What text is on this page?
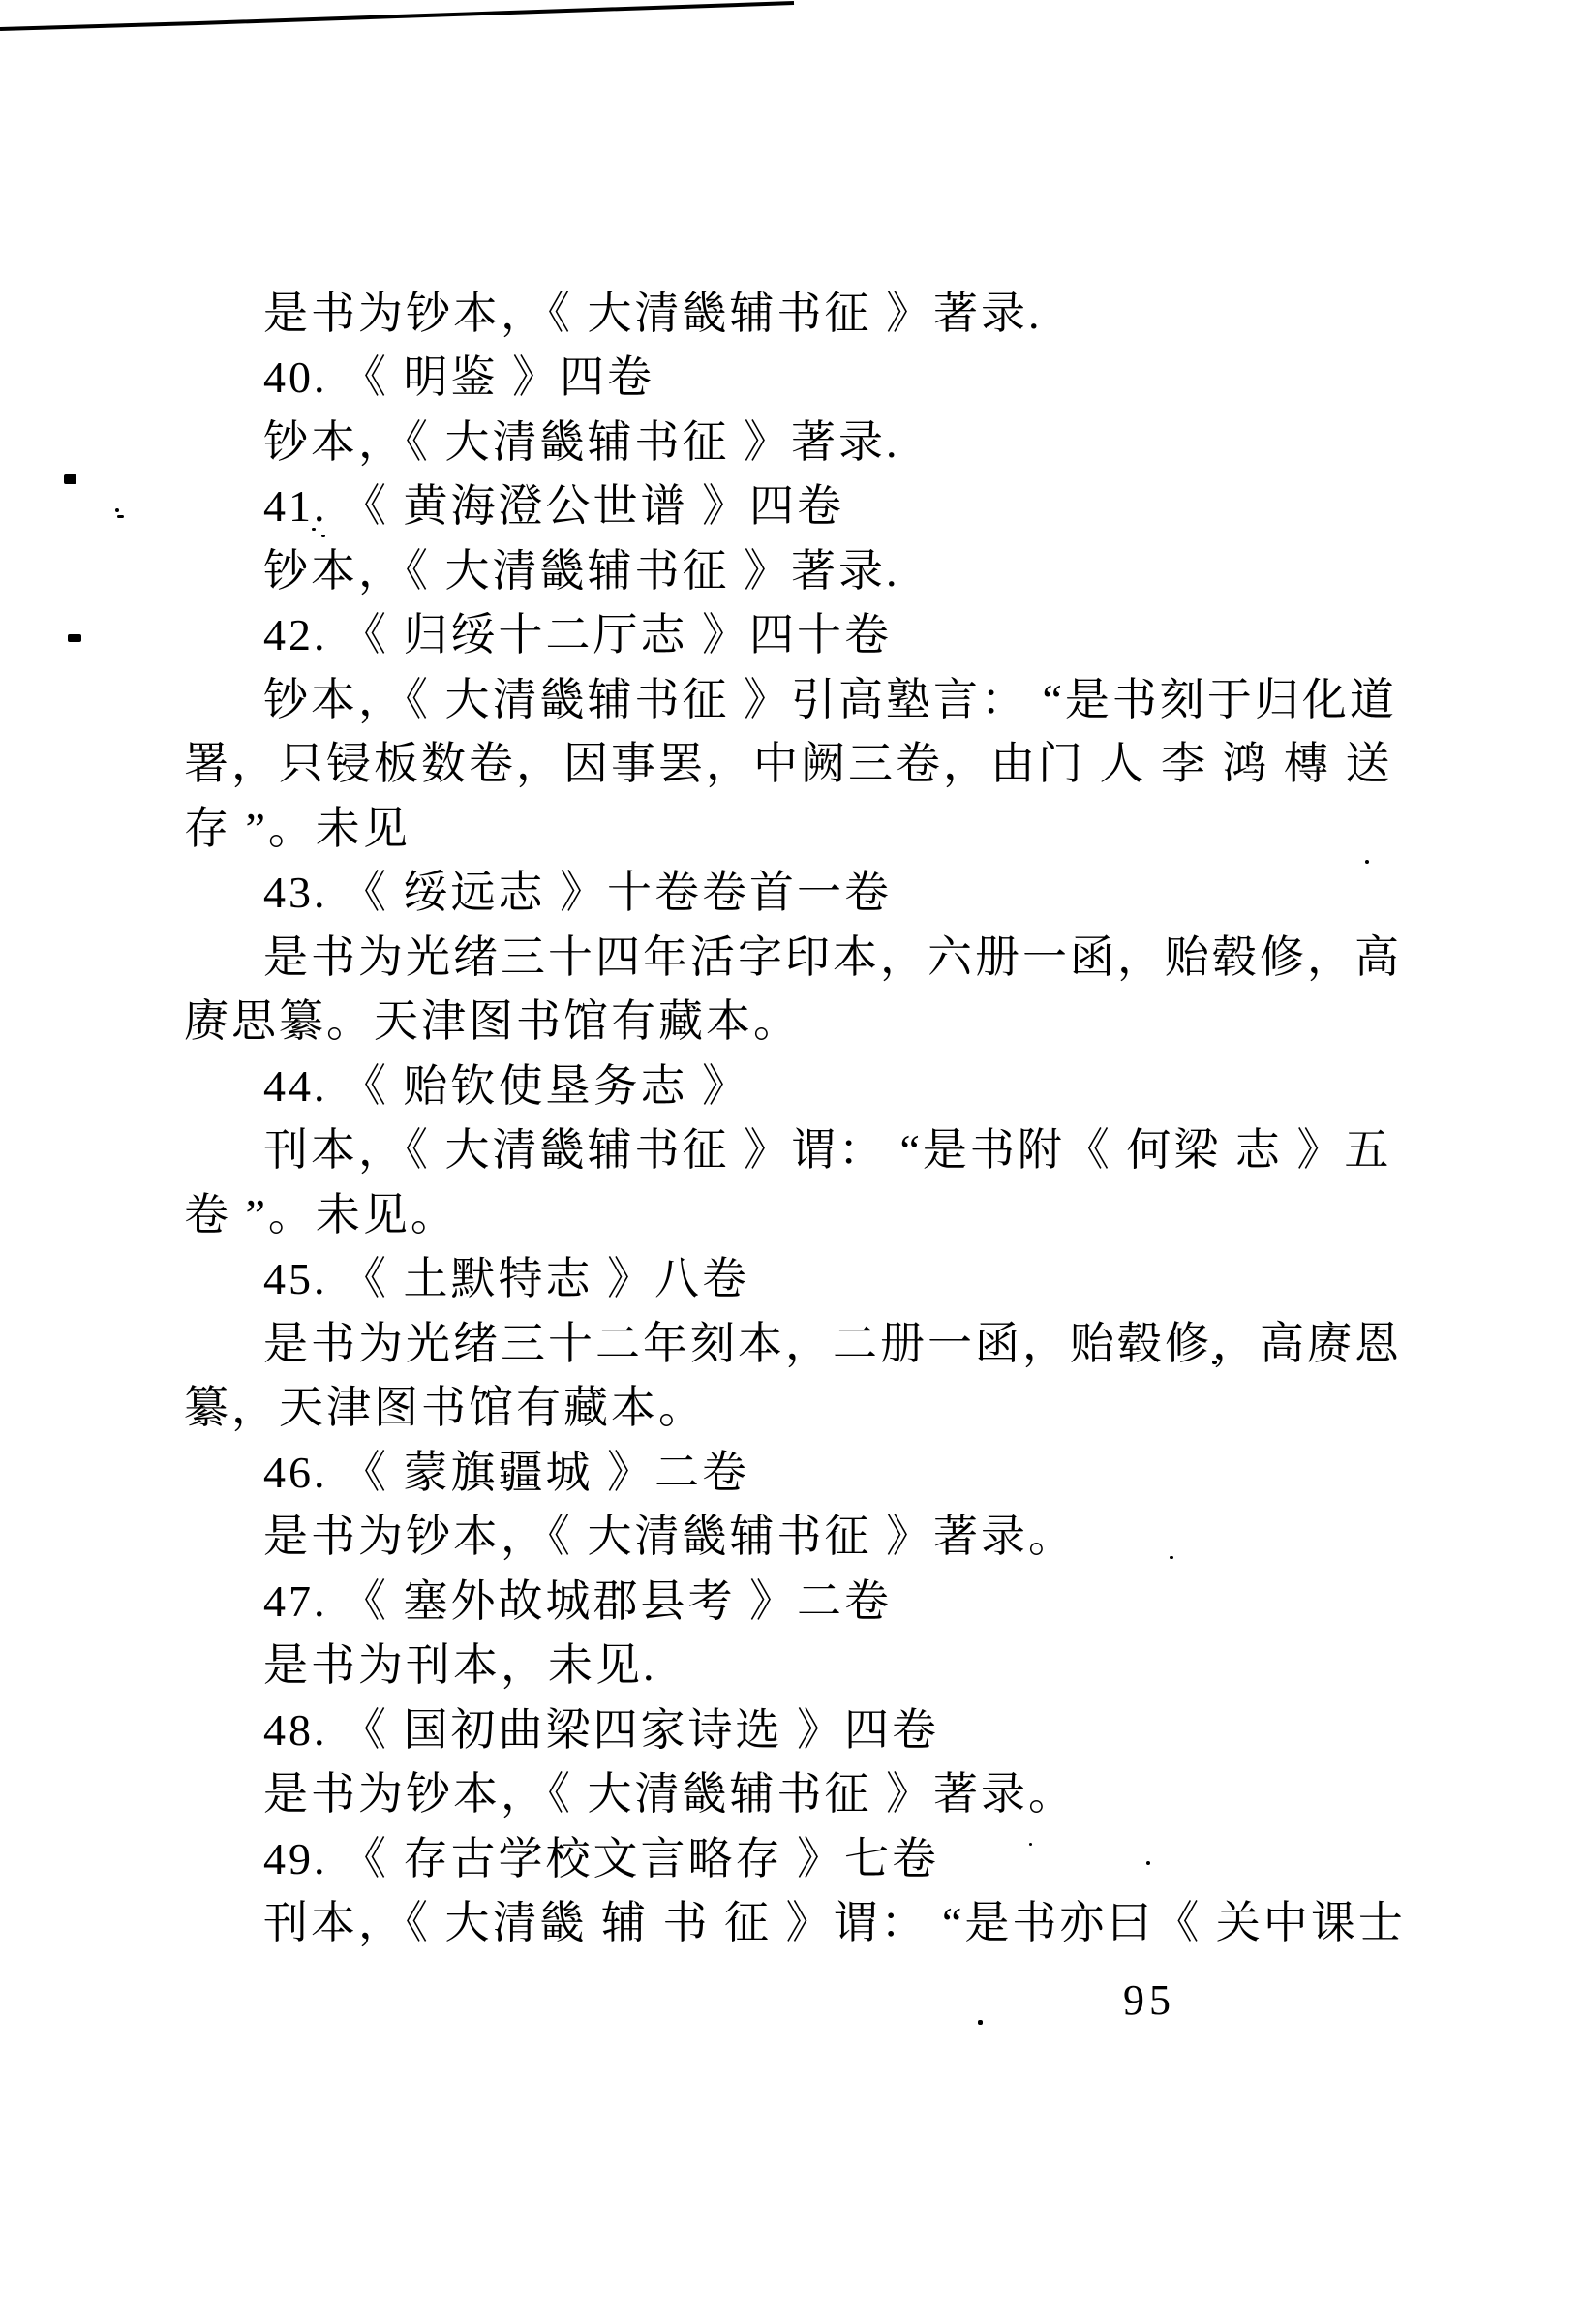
是书为钞本，《 大清畿辅书征 》著录.
40. 《 明鉴 》四卷
钞本，《 大清畿辅书征 》著录.
41. 《 黄海澄公世谱 》四卷
钞本，《 大清畿辅书征 》著录.
42. 《 归绥十二厅志 》四十卷
钞本，《 大清畿辅书征 》引高塾言： “是书刻于归化道
署，只锓板数卷，因事罢，中阙三卷，由门 人 李 鸿 槫 送
存 ”。未见
43. 《 绥远志 》十卷卷首一卷
是书为光绪三十四年活字印本，六册一函，贻毂修，高
赓思纂。天津图书馆有藏本。
44. 《 贻钦使垦务志 》
刊本，《 大清畿辅书征 》谓： “是书附《 何梁 志 》五
卷 ”。未见。
45. 《 土默特志 》八卷
是书为光绪三十二年刻本，二册一函，贻毂修，高赓恩
纂，天津图书馆有藏本。
46. 《 蒙旗疆城 》二卷
是书为钞本，《 大清畿辅书征 》著录。
47. 《 塞外故城郡县考 》二卷
是书为刊本，未见.
48. 《 国初曲梁四家诗选 》四卷
是书为钞本，《 大清畿辅书征 》著录。
49. 《 存古学校文言略存 》七卷
刊本，《 大清畿 辅 书 征 》谓： “是书亦曰《 关中课士
95
